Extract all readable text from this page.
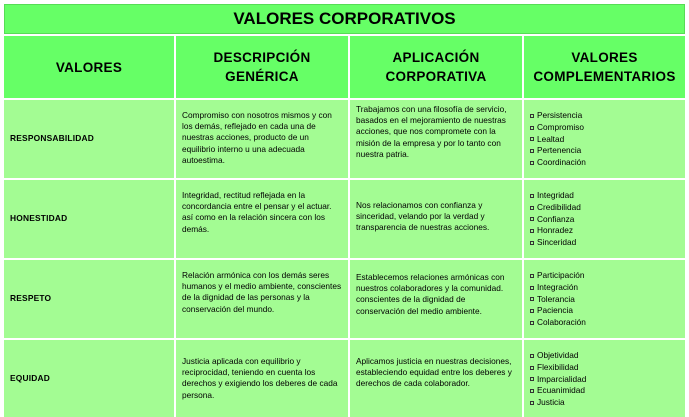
VALORES CORPORATIVOS
VALORES
DESCRIPCIÓN GENÉRICA
APLICACIÓN CORPORATIVA
VALORES COMPLEMENTARIOS
RESPONSABILIDAD
Compromiso con nosotros mismos y con los demás, reflejado en cada una de nuestras acciones, producto de un equilibrio interno u una adecuada autoestima.
Trabajamos con una filosofía de servicio, basados en el mejoramiento de nuestras acciones, que nos compromete con la misión de la empresa y por lo tanto con nuestra patria.
Persistencia
Compromiso
Lealtad
Pertenencia
Coordinación
HONESTIDAD
Integridad, rectitud reflejada en la concordancia entre el pensar y el actuar. así como en la relación sincera con los demás.
Nos relacionamos con confianza y sinceridad, velando por la verdad y transparencia de nuestras acciones.
Integridad
Credibilidad
Confianza
Honradez
Sinceridad
RESPETO
Relación armónica con los demás seres humanos y el medio ambiente, conscientes de la dignidad de las personas y la conservación del mundo.
Establecemos relaciones armónicas con nuestros colaboradores y la comunidad. conscientes de la dignidad de conservación del medio ambiente.
Participación
Integración
Tolerancia
Paciencia
Colaboración
EQUIDAD
Justicia aplicada con equilibrio y reciprocidad, teniendo en cuenta los derechos y exigiendo los deberes de cada persona.
Aplicamos justicia en nuestras decisiones, estableciendo equidad entre los deberes y derechos de cada colaborador.
Objetividad
Flexibilidad
Imparcialidad
Ecuanimidad
Justicia
